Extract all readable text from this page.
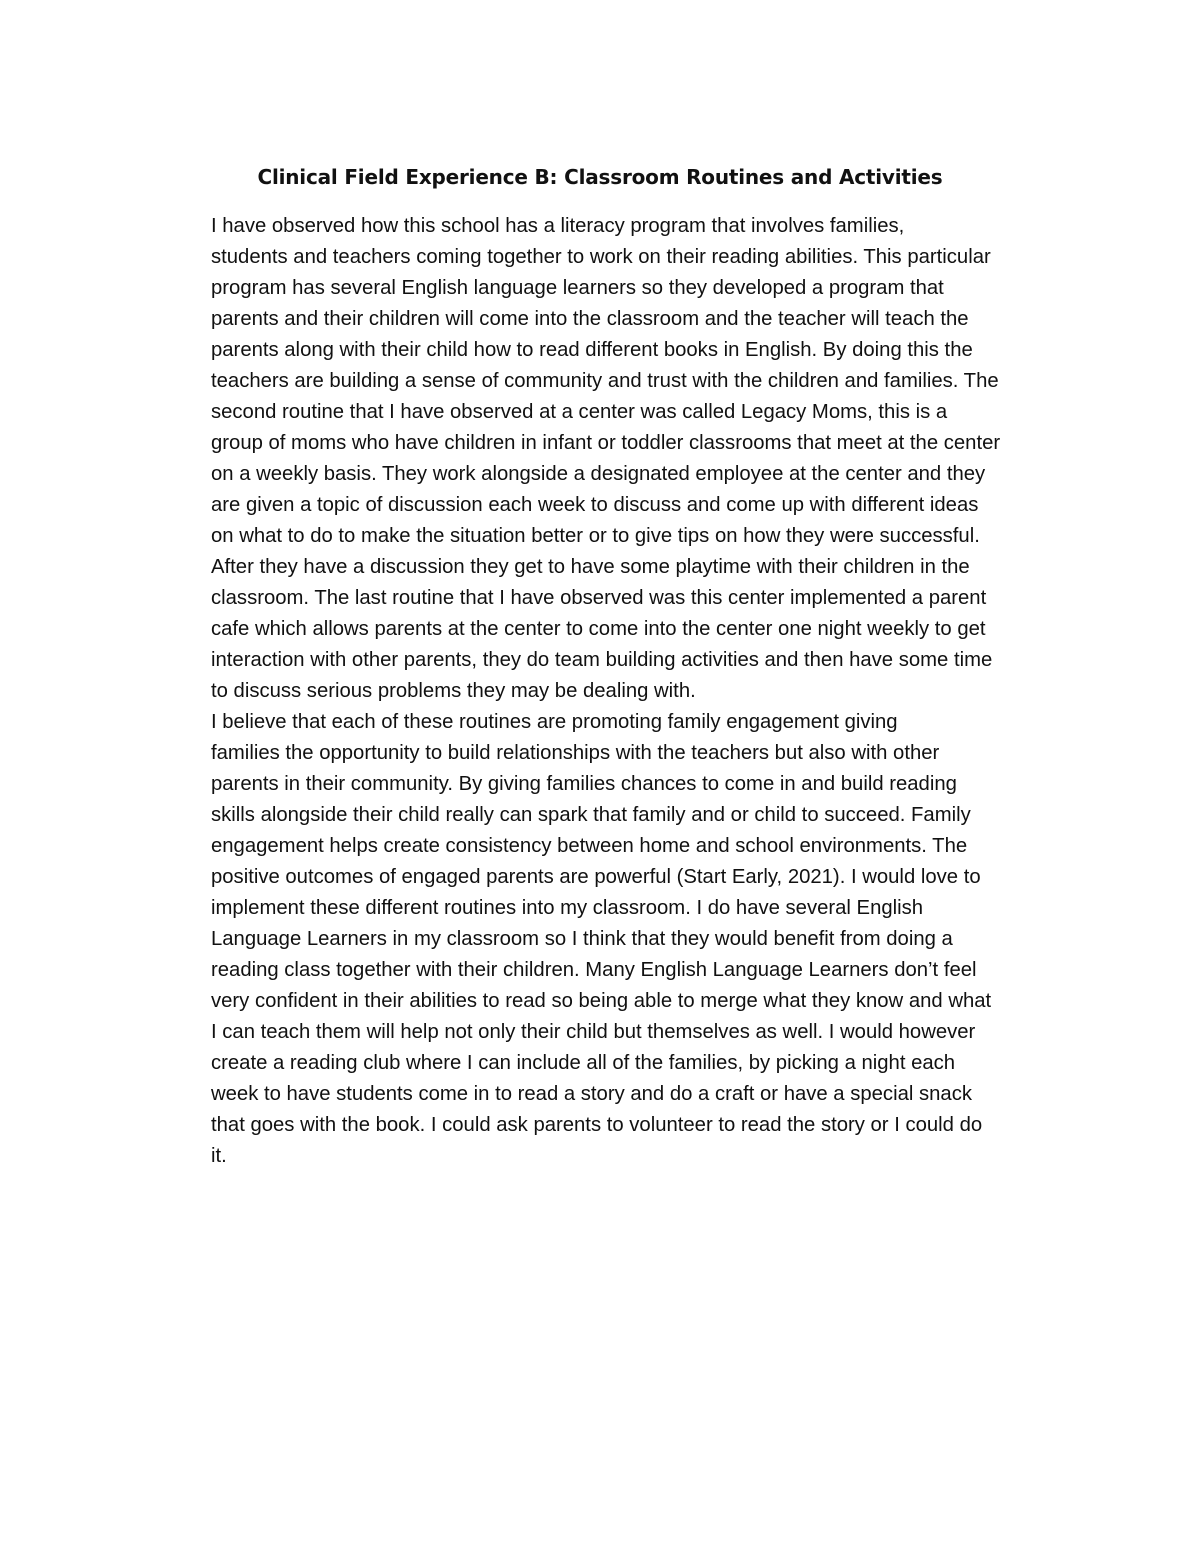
Clinical Field Experience B: Classroom Routines and Activities

I have observed how this school has a literacy program that involves families,
students and teachers coming together to work on their reading abilities. This particular
program has several English language learners so they developed a program that
parents and their children will come into the classroom and the teacher will teach the
parents along with their child how to read different books in English. By doing this the
teachers are building a sense of community and trust with the children and families. The
second routine that I have observed at a center was called Legacy Moms, this is a
group of moms who have children in infant or toddler classrooms that meet at the center
on a weekly basis. They work alongside a designated employee at the center and they
are given a topic of discussion each week to discuss and come up with different ideas
on what to do to make the situation better or to give tips on how they were successful.
After they have a discussion they get to have some playtime with their children in the
classroom. The last routine that I have observed was this center implemented a parent
cafe which allows parents at the center to come into the center one night weekly to get
interaction with other parents, they do team building activities and then have some time
to discuss serious problems they may be dealing with.

I believe that each of these routines are promoting family engagement giving
families the opportunity to build relationships with the teachers but also with other
parents in their community. By giving families chances to come in and build reading
skills alongside their child really can spark that family and or child to succeed. Family
engagement helps create consistency between home and school environments. The
positive outcomes of engaged parents are powerful (Start Early, 2021). I would love to
implement these different routines into my classroom. I do have several English
Language Learners in my classroom so I think that they would benefit from doing a
reading class together with their children. Many English Language Learners don’t feel
very confident in their abilities to read so being able to merge what they know and what
I can teach them will help not only their child but themselves as well. I would however
create a reading club where I can include all of the families, by picking a night each
week to have students come in to read a story and do a craft or have a special snack
that goes with the book. I could ask parents to volunteer to read the story or I could do
it.
